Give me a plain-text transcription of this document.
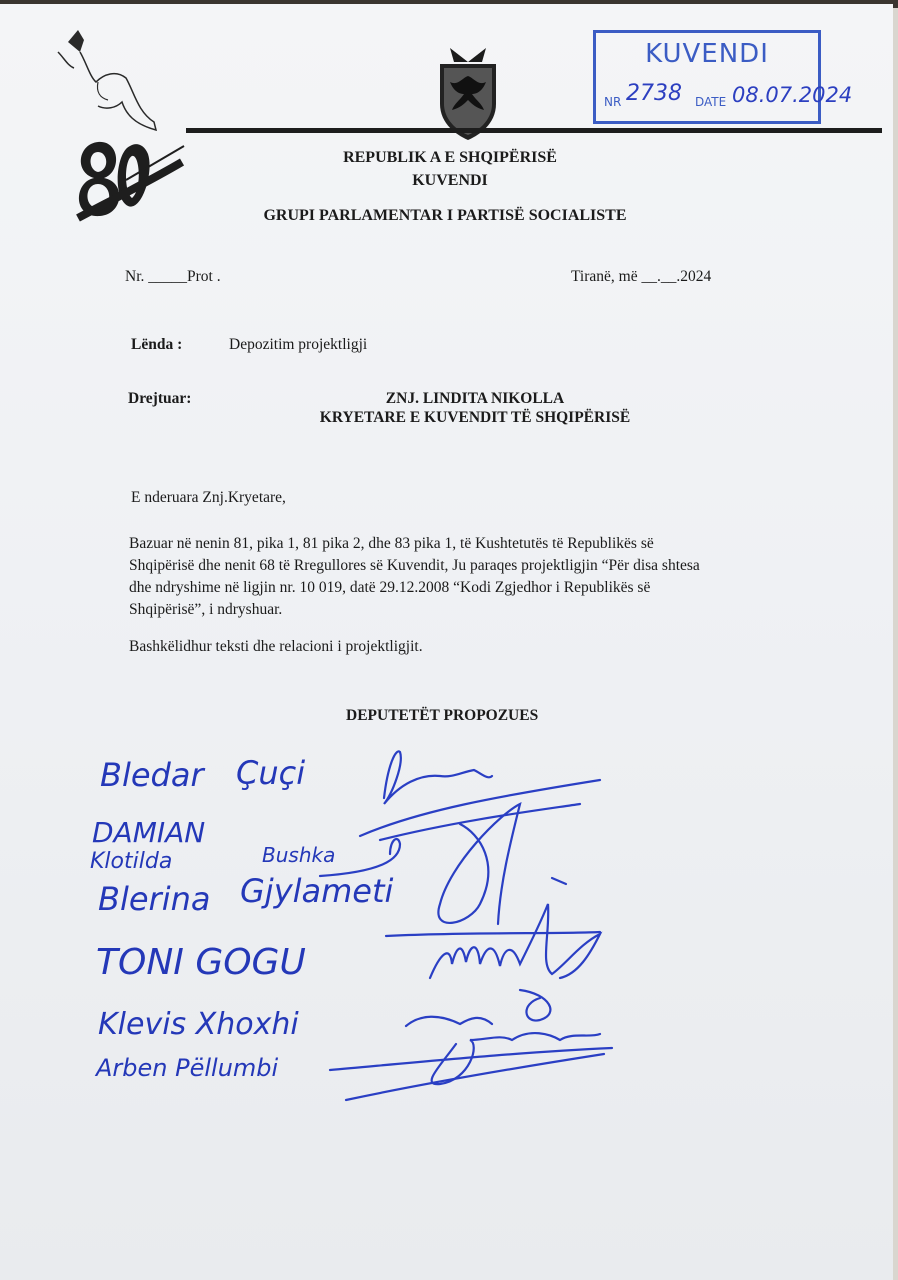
KUVENDI
NR 2738 DATE 08.07.2024
REPUBLIK A E SHQIPËRISË
KUVENDI
GRUPI PARLAMENTAR I PARTISË SOCIALISTE
Nr. _____Prot .	Tiranë, më __.__.2024
Lënda :	Depozitim projektligji
Drejtuar:	ZNJ. LINDITA NIKOLLA
KRYETARE E KUVENDIT TË SHQIPËRISË
E nderuara Znj.Kryetare,
Bazuar në nenin 81, pika 1, 81 pika 2, dhe 83 pika 1, të Kushtetutës të Republikës së
Shqipërisë dhe nenit 68 të Rregullores së Kuvendit, Ju paraqes projektligjin “Për disa shtesa
dhe ndryshime në ligjin nr. 10 019, datë 29.12.2008 “Kodi Zgjedhor i Republikës së
Shqipërisë”, i ndryshuar.
Bashkëlidhur teksti dhe relacioni i projektligjit.
DEPUTETËT PROPOZUES
Bledar Çuçi
DAMIAN
Klotilda	Bushka
Blerina Gjylameti
TONI GOGU
Klevis Xhoxhi
Arben Pëllumbi
